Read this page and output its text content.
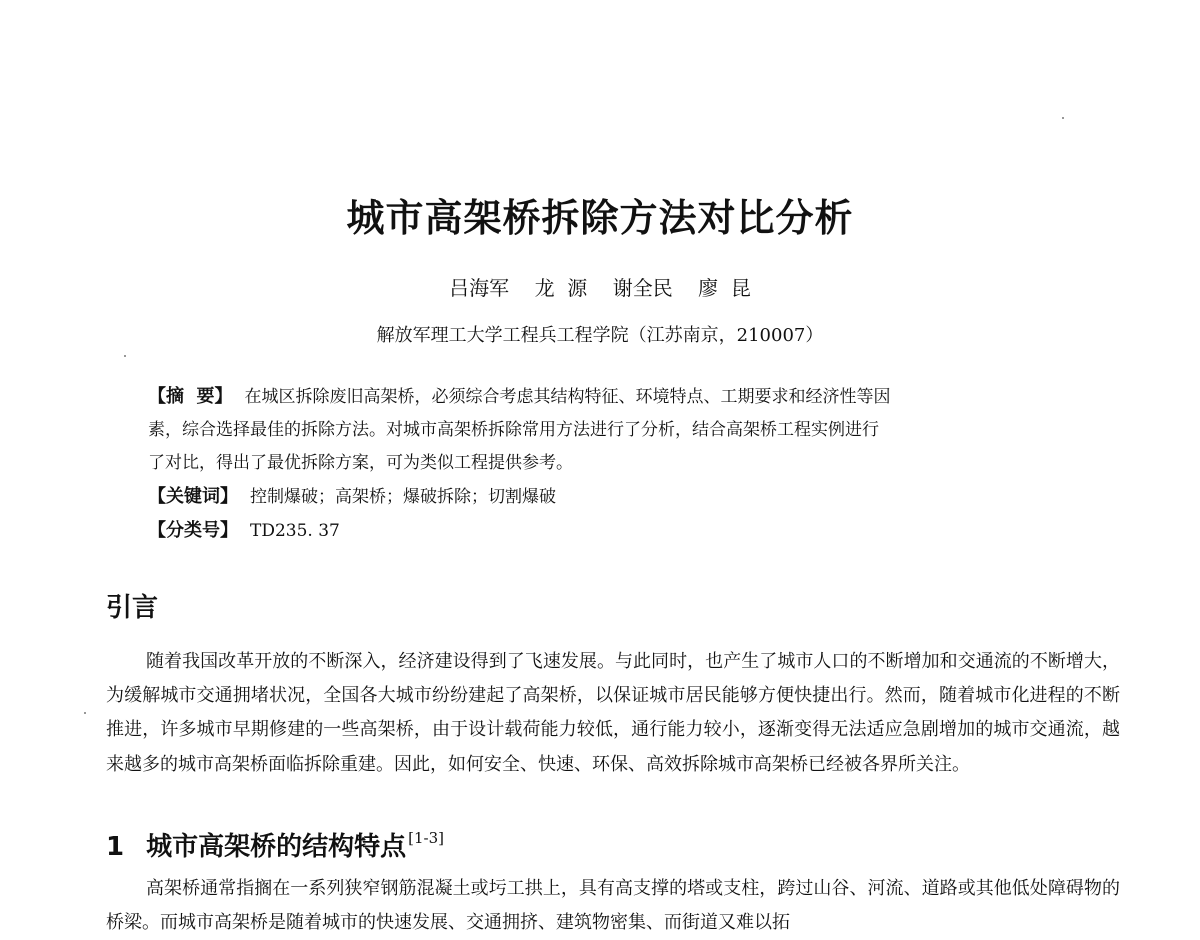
城市高架桥拆除方法对比分析
吕海军    龙  源    谢全民    廖  昆
解放军理工大学工程兵工程学院（江苏南京，210007）
【摘  要】 在城区拆除废旧高架桥，必须综合考虑其结构特征、环境特点、工期要求和经济性等因
素，综合选择最佳的拆除方法。对城市高架桥拆除常用方法进行了分析，结合高架桥工程实例进行
了对比，得出了最优拆除方案，可为类似工程提供参考。
【关键词】 控制爆破；高架桥；爆破拆除；切割爆破
【分类号】 TD235. 37
引言
随着我国改革开放的不断深入，经济建设得到了飞速发展。与此同时，也产生了城市人口的不断增加和交通流的不断增大，为缓解城市交通拥堵状况，全国各大城市纷纷建起了高架桥，以保证城市居民能够方便快捷出行。然而，随着城市化进程的不断推进，许多城市早期修建的一些高架桥，由于设计载荷能力较低，通行能力较小，逐渐变得无法适应急剧增加的城市交通流，越来越多的城市高架桥面临拆除重建。因此，如何安全、快速、环保、高效拆除城市高架桥已经被各界所关注。
1 城市高架桥的结构特点 [1-3]
高架桥通常指搁在一系列狭窄钢筋混凝土或圬工拱上，具有高支撑的塔或支柱，跨过山谷、河流、道路或其他低处障碍物的桥梁。而城市高架桥是随着城市的快速发展、交通拥挤、建筑物密集、而街道又难以拓
